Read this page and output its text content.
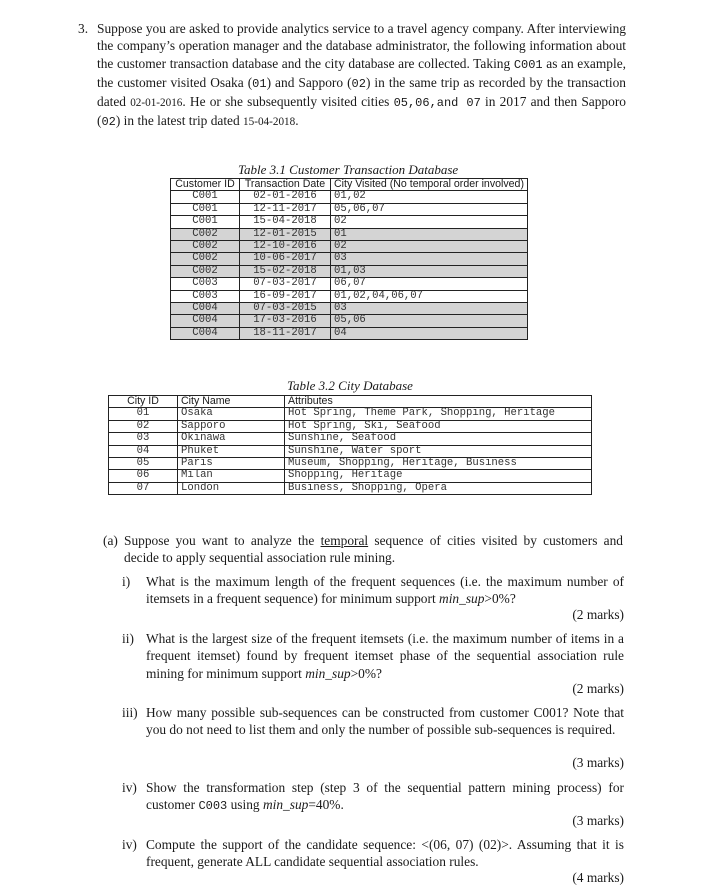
3. Suppose you are asked to provide analytics service to a travel agency company. After interviewing the company’s operation manager and the database administrator, the following information about the customer transaction database and the city database are collected. Taking C001 as an example, the customer visited Osaka (01) and Sapporo (02) in the same trip as recorded by the transaction dated 02-01-2016. He or she subsequently visited cities 05,06,and 07 in 2017 and then Sapporo (02) in the latest trip dated 15-04-2018.
Table 3.1 Customer Transaction Database
Customer ID	Transaction Date	City Visited (No temporal order involved)
C001	02-01-2016	01,02
C001	12-11-2017	05,06,07
C001	15-04-2018	02
C002	12-01-2015	01
C002	12-10-2016	02
C002	10-06-2017	03
C002	15-02-2018	01,03
C003	07-03-2017	06,07
C003	16-09-2017	01,02,04,06,07
C004	07-03-2015	03
C004	17-03-2016	05,06
C004	18-11-2017	04
Table 3.2 City Database
City ID	City Name	Attributes
01	Osaka	Hot Spring, Theme Park, Shopping, Heritage
02	Sapporo	Hot Spring, Ski, Seafood
03	Okinawa	Sunshine, Seafood
04	Phuket	Sunshine, Water sport
05	Paris	Museum, Shopping, Heritage, Business
06	Milan	Shopping, Heritage
07	London	Business, Shopping, Opera
(a) Suppose you want to analyze the temporal sequence of cities visited by customers and decide to apply sequential association rule mining.
i) What is the maximum length of the frequent sequences (i.e. the maximum number of itemsets in a frequent sequence) for minimum support min_sup>0%?
(2 marks)
ii) What is the largest size of the frequent itemsets (i.e. the maximum number of items in a frequent itemset) found by frequent itemset phase of the sequential association rule mining for minimum support min_sup>0%?
(2 marks)
iii) How many possible sub-sequences can be constructed from customer C001? Note that you do not need to list them and only the number of possible sub-sequences is required.
(3 marks)
iv) Show the transformation step (step 3 of the sequential pattern mining process) for customer C003 using min_sup=40%.
(3 marks)
iv) Compute the support of the candidate sequence: <(06, 07) (02)>. Assuming that it is frequent, generate ALL candidate sequential association rules.
(4 marks)
